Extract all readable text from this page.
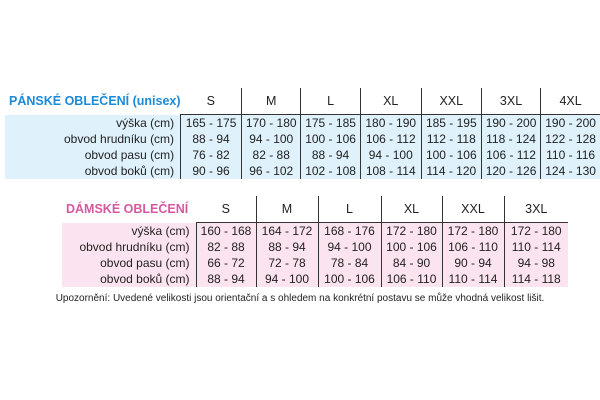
PÁNSKÉ OBLEČENÍ (unisex)	S	M	L	XL	XXL	3XL	4XL
výška (cm)	165 - 175	170 - 180	175 - 185	180 - 190	185 - 195	190 - 200	190 - 200
obvod hrudníku (cm)	88 - 94	94 - 100	100 - 106	106 - 112	112 - 118	118 - 124	122 - 128
obvod pasu (cm)	76 - 82	82 - 88	88 - 94	94 - 100	100 - 106	106 - 112	110 - 116
obvod boků (cm)	90 - 96	96 - 102	102 - 108	108 - 114	114 - 120	120 - 126	124 - 130
DÁMSKÉ OBLEČENÍ	S	M	L	XL	XXL	3XL
výška (cm)	160 - 168	164 - 172	168 - 176	172 - 180	172 - 180	172 - 180
obvod hrudníku (cm)	82 - 88	88 - 94	94 - 100	100 - 106	106 - 110	110 - 114
obvod pasu (cm)	66 - 72	72 - 78	78 - 84	84 - 90	90 - 94	94 - 98
obvod boků (cm)	88 - 94	94 - 100	100 - 106	106 - 110	110 - 114	114 - 118
Upozornění: Uvedené velikosti jsou orientační a s ohledem na konkrétní postavu se může vhodná velikost lišit.
